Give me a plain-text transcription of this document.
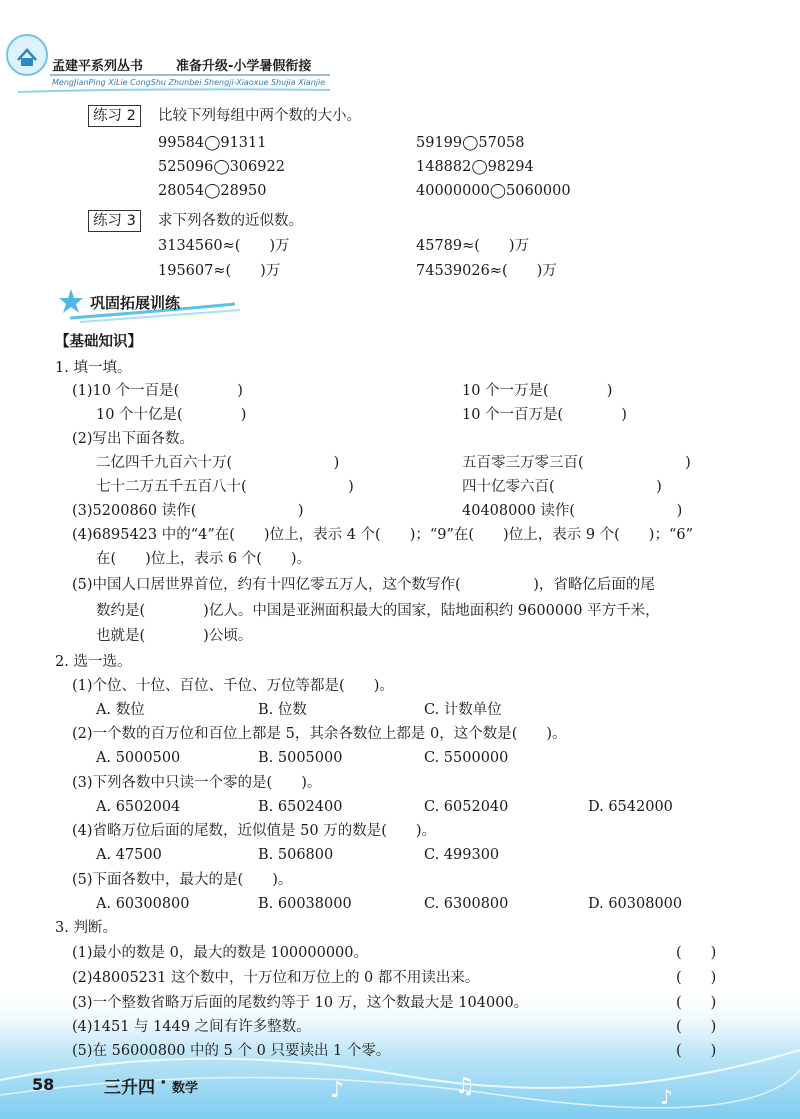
孟建平系列丛书	准备升级-小学暑假衔接
MengJianPing XiLie CongShu Zhunbei Shengji-Xiaoxue Shujia Xianjie
练习 2	比较下列每组中两个数的大小。
99584◯91311	59199◯57058
525096◯306922	148882◯98294
28054◯28950	40000000◯5060000
练习 3	求下列各数的近似数。
3134560≈(　　)万	45789≈(　　)万
195607≈(　　)万	74539026≈(　　)万
巩固拓展训练
【基础知识】
1. 填一填。
(1)10 个一百是(　　　　)	10 个一万是(　　　　)
10 个十亿是(　　　　)	10 个一百万是(　　　　)
(2)写出下面各数。
二亿四千九百六十万(　　　　　　　)	五百零三万零三百(　　　　　　　)
七十二万五千五百八十(　　　　　　　)	四十亿零六百(　　　　　　　)
(3)5200860 读作(　　　　　　　)	40408000 读作(　　　　　　　)
(4)6895423 中的“4”在(　　)位上，表示 4 个(　　)；“9”在(　　)位上，表示 9 个(　　)；“6”
在(　　)位上，表示 6 个(　　)。
(5)中国人口居世界首位，约有十四亿零五万人，这个数写作(　　　　　)，省略亿后面的尾
数约是(　　　　)亿人。中国是亚洲面积最大的国家，陆地面积约 9600000 平方千米，
也就是(　　　　)公顷。
2. 选一选。
(1)个位、十位、百位、千位、万位等都是(　　)。
A. 数位	B. 位数	C. 计数单位
(2)一个数的百万位和百位上都是 5，其余各数位上都是 0，这个数是(　　)。
A. 5000500	B. 5005000	C. 5500000
(3)下列各数中只读一个零的是(　　)。
A. 6502004	B. 6502400	C. 6052040	D. 6542000
(4)省略万位后面的尾数，近似值是 50 万的数是(　　)。
A. 47500	B. 506800	C. 499300
(5)下面各数中，最大的是(　　)。
A. 60300800	B. 60038000	C. 6300800	D. 60308000
3. 判断。
(1)最小的数是 0，最大的数是 100000000。	(　　)
(2)48005231 这个数中，十万位和万位上的 0 都不用读出来。	(　　)
(3)一个整数省略万后面的尾数约等于 10 万，这个数最大是 104000。	(　　)
(4)1451 与 1449 之间有许多整数。	(　　)
(5)在 56000800 中的 5 个 0 只要读出 1 个零。	(　　)
58	三升四 · 数学	♪	♫	♪
